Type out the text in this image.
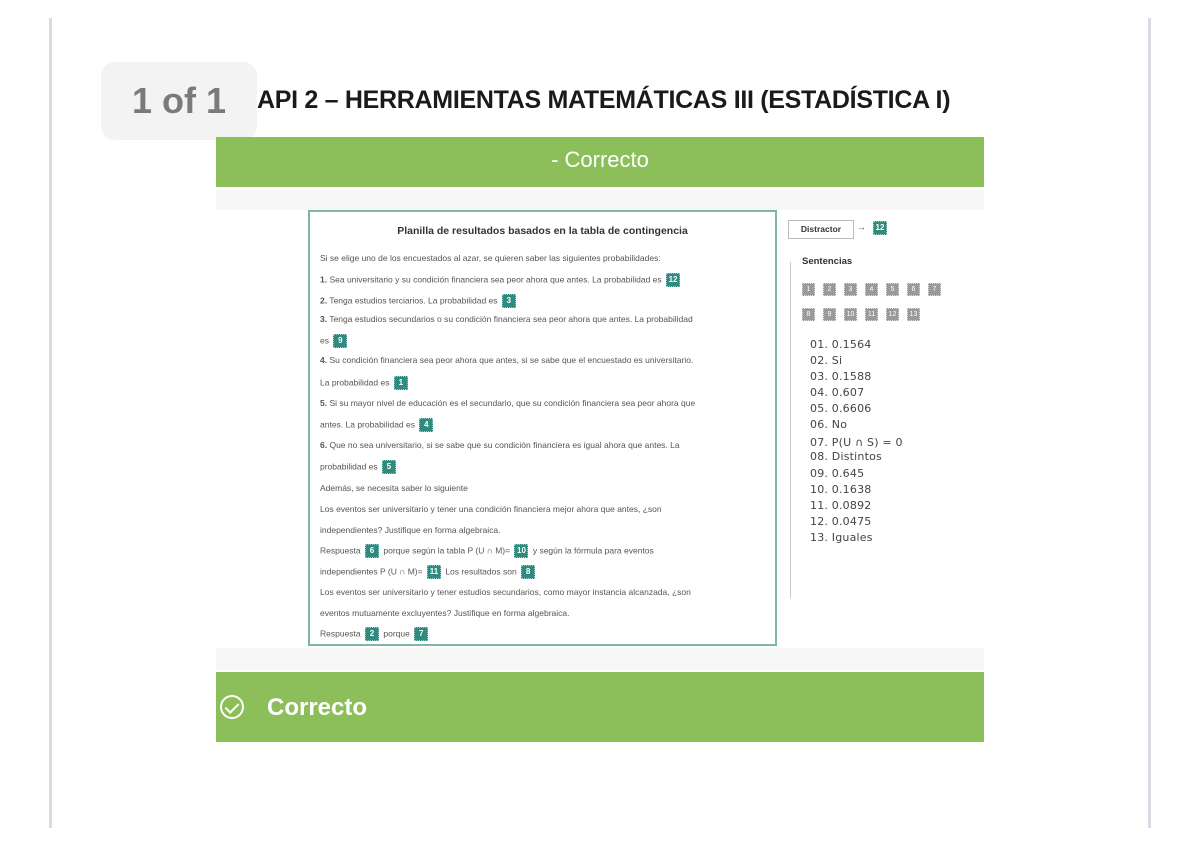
1 of 1	API 2 – HERRAMIENTAS MATEMÁTICAS III (ESTADÍSTICA I)
- Correcto
Planilla de resultados basados en la tabla de contingencia
Si se elige uno de los encuestados al azar, se quieren saber las siguientes probabilidades:
1. Sea universitario y su condición financiera sea peor ahora que antes. La probabilidad es 12
2. Tenga estudios terciarios. La probabilidad es 3
3. Tenga estudios secundarios o su condición financiera sea peor ahora que antes. La probabilidad
es 9
4. Su condición financiera sea peor ahora que antes, si se sabe que el encuestado es universitario.
La probabilidad es 1
5. Si su mayor nivel de educación es el secundario, que su condición financiera sea peor ahora que
antes. La probabilidad es 4
6. Que no sea universitario, si se sabe que su condición financiera es igual ahora que antes. La
probabilidad es 5
Además, se necesita saber lo siguiente
Los eventos ser universitario y tener una condición financiera mejor ahora que antes, ¿son
independientes? Justifique en forma algebraica.
Respuesta 6 porque según la tabla P (U ∩ M)= 10 y según la fórmula para eventos
independientes P (U ∩ M)= 11 Los resultados son 8
Los eventos ser universitario y tener estudios secundarios, como mayor instancia alcanzada, ¿son
eventos mutuamente excluyentes? Justifique en forma algebraica.
Respuesta 2 porque 7
Distractor	→	12
Sentencias
1	2	3	4	5	6	7
8	9	10	11	12	13
01. 0.1564
02. Si
03. 0.1588
04. 0.607
05. 0.6606
06. No
07. P(U ∩ S) = 0
08. Distintos
09. 0.645
10. 0.1638
11. 0.0892
12. 0.0475
13. Iguales
Correcto
